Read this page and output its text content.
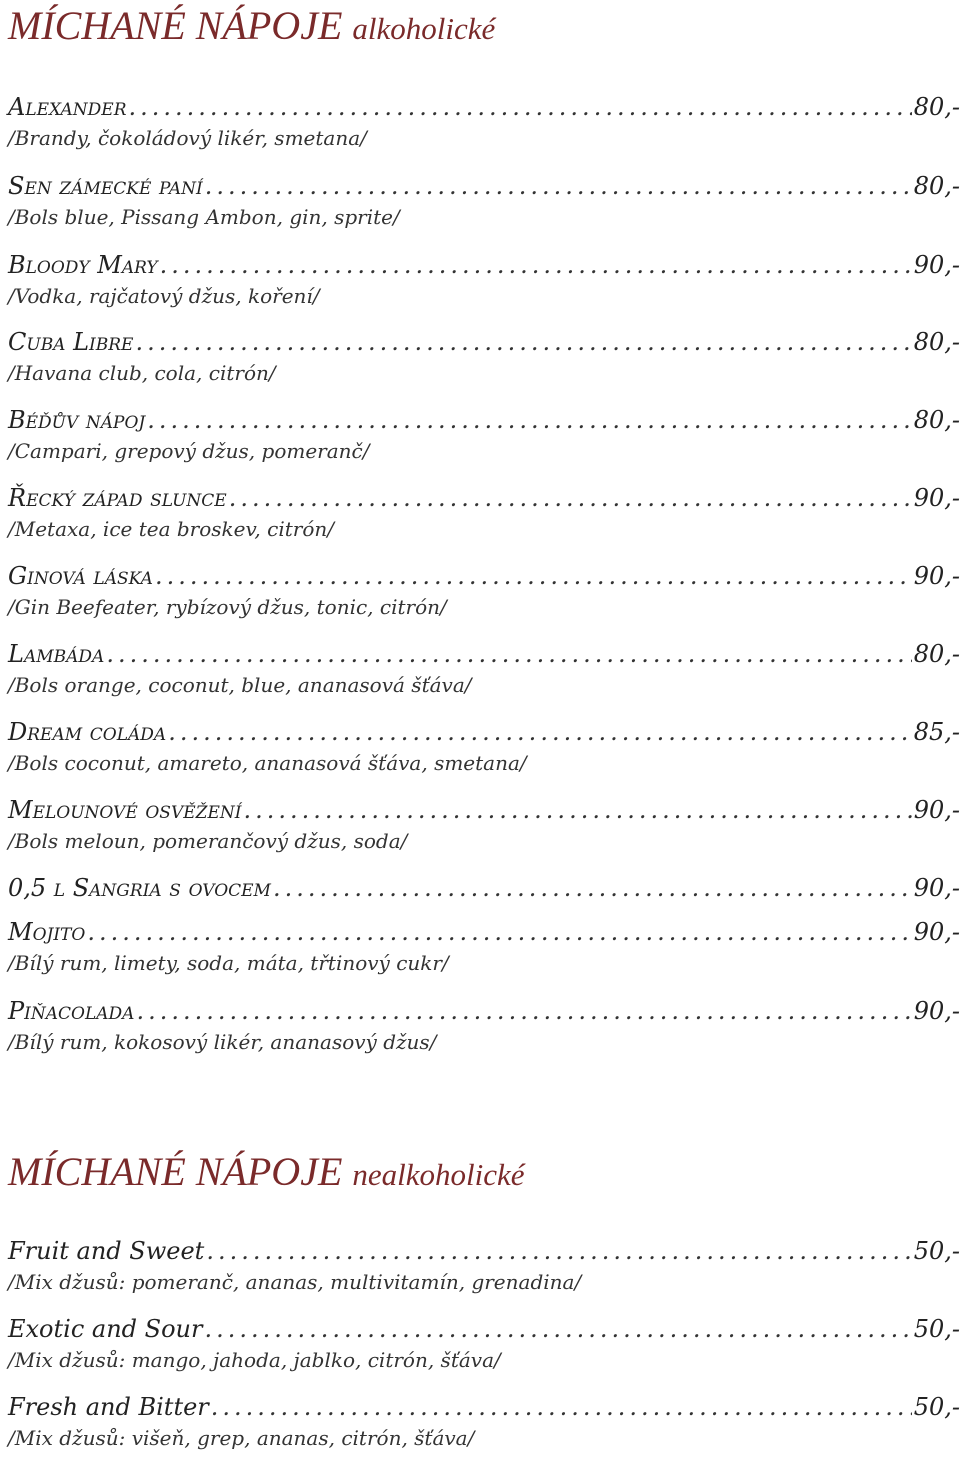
MÍCHANÉ NÁPOJE alkoholické
Alexander .....	80,-
/Brandy, čokoládový likér, smetana/
Sen zámecké paní .....	80,-
/Bols blue, Pissang Ambon, gin, sprite/
Bloody Mary .....	90,-
/Vodka, rajčatový džus, koření/
Cuba Libre .....	80,-
/Havana club, cola, citrón/
Béďův nápoj .....	80,-
/Campari, grepový džus, pomeranč/
Řecký západ slunce .....	90,-
/Metaxa, ice tea broskev, citrón/
Ginová láska .....	90,-
/Gin Beefeater, rybízový džus, tonic, citrón/
Lambáda .....	80,-
/Bols orange, coconut, blue, ananasová šťáva/
Dream coláda .....	85,-
/Bols coconut, amareto, ananasová šťáva, smetana/
Melounové osvěžení .....	90,-
/Bols meloun, pomerančový džus, soda/
0,5 l Sangria s ovocem .....	90,-
Mojito .....	90,-
/Bílý rum, limety, soda, máta, třtinový cukr/
Piňacolada .....	90,-
/Bílý rum, kokosový likér, ananasový džus/
MÍCHANÉ NÁPOJE nealkoholické
Fruit and Sweet .....	50,-
/Mix džusů: pomeranč, ananas, multivitamín, grenadina/
Exotic and Sour .....	50,-
/Mix džusů: mango, jahoda, jablko, citrón, šťáva/
Fresh and Bitter .....	50,-
/Mix džusů: višeň, grep, ananas, citrón, šťáva/
